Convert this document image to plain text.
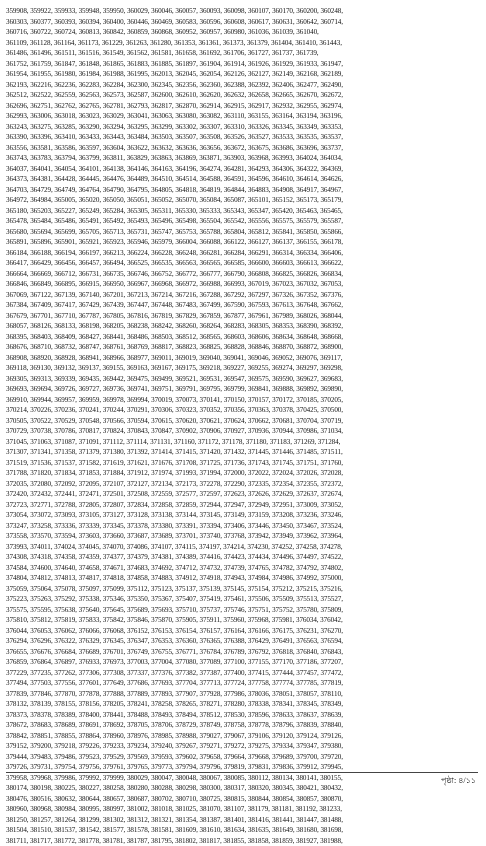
359908, 359922, 359933, 359948, 359950, 360029, 360046, 360057, 360093, 360098, 360107, 360170, 360200, 360248,
360303, 360377, 360393, 360394, 360400, 360446, 360469, 360583, 360596, 360608, 360617, 360631, 360642, 360714,
360716, 360722, 360724, 360813, 360842, 360859, 360868, 360952, 360957, 360980, 361036, 361039, 361040,
361109, 361128, 361164, 361173, 361229, 361263, 361280, 361353, 361361, 361373, 361379, 361404, 361410, 361443,
361486, 361496, 361511, 361516, 361549, 361562, 361581, 361658, 361692, 361706, 361727, 361737, 361739,
361752, 361759, 361847, 361848, 361865, 361883, 361885, 361897, 361904, 361914, 361926, 361929, 361933, 361947,
361954, 361955, 361980, 361984, 361988, 361995, 362013, 362045, 362054, 362126, 362127, 362149, 362168, 362189,
362193, 362216, 362236, 362283, 362284, 362300, 362345, 362356, 362360, 362388, 362392, 362406, 362477, 362490,
362512, 362522, 362559, 362563, 362573, 362587, 362600, 362610, 362620, 362632, 362658, 362665, 362670, 362672,
362696, 362751, 362762, 362765, 362781, 362793, 362817, 362870, 362914, 362915, 362917, 362932, 362955, 362974,
362993, 363006, 363018, 363023, 363029, 363041, 363063, 363080, 363082, 363110, 363155, 363164, 363194, 363196,
363243, 363275, 363285, 363290, 363294, 363295, 363299, 363302, 363307, 363310, 363326, 363345, 363349, 363353,
363390, 363396, 363410, 363433, 363443, 363484, 363503, 363507, 363508, 363526, 363527, 363533, 363535, 363537,
363556, 363581, 363586, 363597, 363604, 363622, 363632, 363636, 363656, 363672, 363675, 363686, 363696, 363737,
363743, 363783, 363794, 363799, 363811, 363829, 363863, 363869, 363871, 363903, 363968, 363993, 364024, 364034,
364037, 364041, 364054, 364101, 364138, 364146, 364163, 364196, 364274, 364281, 364293, 364306, 364322, 364369,
364373, 364381, 364428, 364445, 364476, 364489, 364510, 364514, 364588, 364591, 364596, 364610, 364614, 364626,
364703, 364729, 364749, 364764, 364790, 364795, 364805, 364818, 364819, 364844, 364883, 364908, 364917, 364967,
364972, 364984, 365005, 365020, 365050, 365051, 365052, 365070, 365084, 365087, 365101, 365152, 365173, 365179,
365180, 365203, 365227, 365249, 365284, 365305, 365311, 365330, 365333, 365343, 365347, 365420, 365463, 365465,
365478, 365484, 365486, 365491, 365492, 365493, 365496, 365498, 365504, 365542, 365556, 365575, 365579, 365587,
365680, 365694, 365699, 365705, 365713, 365731, 365747, 365753, 365788, 365804, 365812, 365841, 365850, 365866,
365891, 365896, 365901, 365921, 365923, 365946, 365979, 366004, 366088, 366122, 366127, 366137, 366155, 366178,
366184, 366188, 366194, 366197, 366213, 366224, 366228, 366248, 366281, 366284, 366291, 366314, 366334, 366406,
366417, 366429, 366456, 366457, 366494, 366525, 366535, 366563, 366565, 366585, 366600, 366603, 366613, 366622,
366664, 366669, 366712, 366731, 366735, 366746, 366752, 366772, 366777, 366790, 366808, 366825, 366826, 366834,
366846, 366849, 366895, 366915, 366950, 366967, 366968, 366972, 366988, 366993, 367019, 367023, 367032, 367053,
367069, 367122, 367139, 367140, 367201, 367213, 367214, 367216, 367288, 367292, 367297, 367326, 367352, 367376,
367384, 367409, 367417, 367429, 367439, 367447, 367448, 367483, 367499, 367590, 367593, 367613, 367648, 367662,
367679, 367701, 367710, 367787, 367805, 367816, 367819, 367829, 367859, 367877, 367961, 367989, 368026, 368044,
368057, 368126, 368133, 368198, 368205, 368238, 368242, 368260, 368264, 368283, 368305, 368353, 368390, 368392,
368395, 368403, 368409, 368427, 368441, 368486, 368503, 368512, 368565, 368603, 368606, 368634, 368648, 368668,
368676, 368710, 368732, 368747, 368761, 368769, 368817, 368823, 368825, 368828, 368846, 368870, 368872, 368900,
368908, 368920, 368928, 368941, 368966, 368977, 369011, 369019, 369040, 369041, 369046, 369052, 369076, 369117,
369118, 369130, 369132, 369137, 369155, 369163, 369167, 369175, 369218, 369227, 369255, 369274, 369297, 369298,
369305, 369313, 369339, 369435, 369442, 369475, 369499, 369521, 369531, 369547, 369575, 369590, 369627, 369683,
369693, 369694, 369726, 369727, 369736, 369741, 369751, 369791, 369795, 369799, 369841, 369888, 369892, 369890,
369910, 369944, 369957, 369959, 369978, 369994, 370019, 370073, 370141, 370150, 370157, 370172, 370185, 370205,
370214, 370226, 370236, 370241, 370244, 370291, 370306, 370323, 370352, 370356, 370363, 370378, 370425, 370500,
370505, 370522, 370529, 370548, 370566, 370594, 370615, 370620, 370621, 370624, 370662, 370681, 370704, 370719,
370729, 370738, 370786, 370817, 370824, 370843, 370847, 370902, 370906, 370927, 370936, 370944, 370986, 371034,
371045, 371063, 371087, 371091, 371112, 371114, 371131, 371160, 371172, 371178, 371180, 371183, 371269, 371284,
371307, 371341, 371358, 371379, 371380, 371392, 371414, 371415, 371420, 371432, 371445, 371446, 371485, 371511,
371519, 371536, 371537, 371582, 371619, 371621, 371676, 371708, 371725, 371736, 371743, 371745, 371751, 371760,
371788, 371820, 371834, 371853, 371884, 371912, 371974, 371993, 371994, 372000, 372022, 372024, 372026, 372028,
372035, 372080, 372092, 372095, 372107, 372127, 372134, 372173, 372278, 372290, 372335, 372354, 372355, 372372,
372420, 372432, 372441, 372471, 372501, 372508, 372559, 372577, 372597, 372623, 372626, 372629, 372637, 372674,
372723, 372771, 372788, 372805, 372807, 372834, 372858, 372859, 372944, 372947, 372949, 372951, 373009, 373052,
373054, 373072, 373093, 373105, 373127, 373128, 373138, 373144, 373145, 373149, 373159, 373208, 373236, 373246,
373247, 373258, 373336, 373339, 373345, 373378, 373380, 373391, 373394, 373406, 373446, 373450, 373467, 373524,
373558, 373570, 373594, 373603, 373660, 373687, 373689, 373701, 373740, 373768, 373942, 373949, 373962, 373964,
373993, 374011, 374024, 374045, 374070, 374086, 374107, 374115, 374197, 374214, 374230, 374252, 374258, 374278,
374308, 374318, 374358, 374359, 374377, 374379, 374381, 374389, 374416, 374423, 374434, 374496, 374497, 374522,
374584, 374600, 374640, 374658, 374671, 374683, 374692, 374712, 374732, 374739, 374765, 374782, 374792, 374802,
374804, 374812, 374813, 374817, 374818, 374858, 374883, 374912, 374918, 374943, 374984, 374986, 374992, 375000,
375059, 375064, 375078, 375097, 375099, 375112, 375123, 375137, 375139, 375145, 375154, 375212, 375215, 375216,
375223, 375263, 375292, 375338, 375346, 375350, 375367, 375407, 375419, 375461, 375506, 375509, 375513, 375527,
375575, 375595, 375638, 375640, 375645, 375689, 375693, 375710, 375737, 375746, 375751, 375752, 375780, 375809,
375810, 375812, 375819, 375833, 375842, 375846, 375870, 375905, 375911, 375960, 375968, 375981, 376034, 376042,
376044, 376053, 376062, 376066, 376068, 376152, 376153, 376154, 376157, 376164, 376166, 376175, 376231, 376270,
376294, 376296, 376322, 376329, 376345, 376347, 376353, 376360, 376365, 376388, 376429, 376491, 376563, 376594,
376655, 376676, 376684, 376689, 376701, 376749, 376755, 376771, 376784, 376789, 376792, 376818, 376840, 376843,
376859, 376864, 376897, 376933, 376973, 377003, 377004, 377080, 377089, 377100, 377155, 377170, 377186, 377207,
377229, 377235, 377262, 377306, 377308, 377337, 377376, 377382, 377387, 377400, 377415, 377444, 377457, 377472,
377494, 377503, 377556, 377601, 377649, 377686, 377693, 377704, 377713, 377724, 377758, 377774, 377785, 377819,
377839, 377846, 377870, 377878, 377888, 377889, 377893, 377907, 377928, 377986, 378036, 378051, 378057, 378110,
378132, 378139, 378155, 378156, 378205, 378241, 378258, 378265, 378271, 378280, 378338, 378341, 378345, 378349,
378373, 378378, 378389, 378400, 378441, 378488, 378493, 378494, 378512, 378530, 378596, 378633, 378637, 378639,
378672, 378683, 378689, 378691, 378692, 378705, 378706, 378729, 378749, 378758, 378778, 378796, 378839, 378840,
378842, 378851, 378855, 378864, 378960, 378976, 378985, 378988, 379027, 379067, 379106, 379120, 379124, 379126,
379152, 379200, 379218, 379226, 379233, 379234, 379240, 379267, 379271, 379272, 379275, 379334, 379347, 379380,
379444, 379483, 379486, 379523, 379529, 379569, 379593, 379602, 379658, 379664, 379668, 379689, 379700, 379720,
379726, 379731, 379754, 379756, 379761, 379765, 379773, 379794, 379796, 379819, 379831, 379836, 379912, 379945,
379958, 379968, 379986, 379992, 379999, 380029, 380047, 380048, 380067, 380085, 380112, 380134, 380141, 380155,
380174, 380198, 380225, 380227, 380258, 380280, 380288, 380298, 380300, 380317, 380320, 380345, 380421, 380432,
380476, 380516, 380632, 380644, 380657, 380687, 380702, 380710, 380725, 380815, 380844, 380854, 380857, 380870,
380960, 380968, 380984, 380995, 380997, 381002, 381018, 381025, 381070, 381107, 381179, 381181, 381192, 381233,
381250, 381257, 381264, 381299, 381302, 381312, 381321, 381354, 381387, 381401, 381416, 381441, 381447, 381488,
381504, 381510, 381537, 381542, 381577, 381578, 381581, 381609, 381610, 381634, 381635, 381649, 381680, 381698,
381711, 381717, 381772, 381778, 381781, 381787, 381795, 381802, 381817, 381855, 381858, 381859, 381927, 381988,
পৃষ্ঠা: ৪/১১
